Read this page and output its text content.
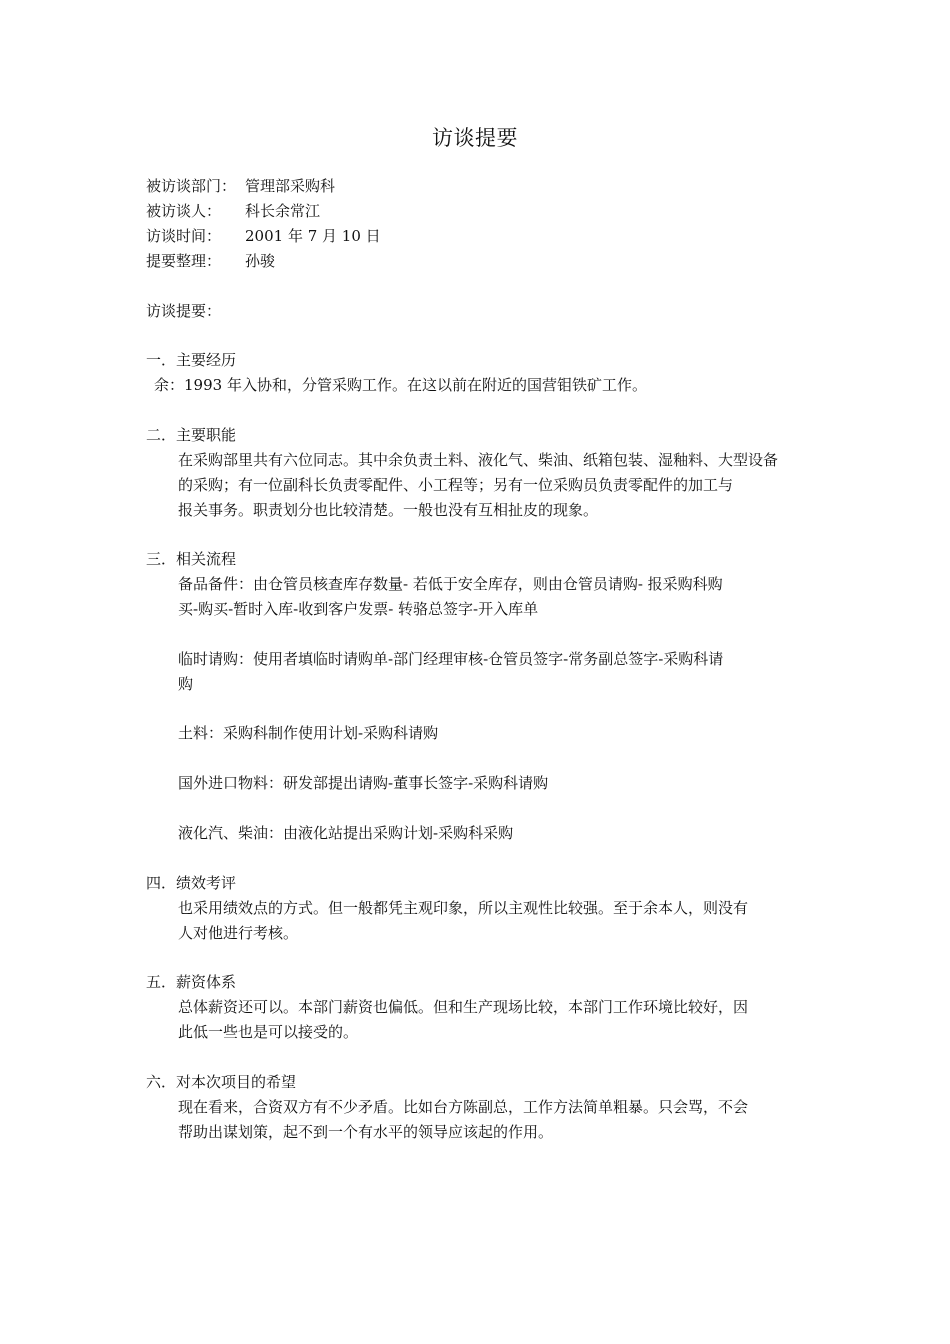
访谈提要
被访谈部门： 管理部采购科
被访谈人： 科长余常江
访谈时间： 2001 年 7 月 10 日
提要整理： 孙骏
访谈提要：
一．主要经历
余：1993 年入协和，分管采购工作。在这以前在附近的国营钼铁矿工作。
二．主要职能
在采购部里共有六位同志。其中余负责土料、液化气、柴油、纸箱包装、湿釉料、大型设备
的采购；有一位副科长负责零配件、小工程等；另有一位采购员负责零配件的加工与
报关事务。职责划分也比较清楚。一般也没有互相扯皮的现象。
三．相关流程
备品备件：由仓管员核查库存数量- 若低于安全库存，则由仓管员请购- 报采购科购
买-购买-暂时入库-收到客户发票- 转骆总签字-开入库单
临时请购：使用者填临时请购单-部门经理审核-仓管员签字-常务副总签字-采购科请
购
土料：采购科制作使用计划-采购科请购
国外进口物料：研发部提出请购-董事长签字-采购科请购
液化汽、柴油：由液化站提出采购计划-采购科采购
四．绩效考评
也采用绩效点的方式。但一般都凭主观印象，所以主观性比较强。至于余本人，则没有
人对他进行考核。
五．薪资体系
总体薪资还可以。本部门薪资也偏低。但和生产现场比较，本部门工作环境比较好，因
此低一些也是可以接受的。
六．对本次项目的希望
现在看来，合资双方有不少矛盾。比如台方陈副总，工作方法简单粗暴。只会骂，不会
帮助出谋划策，起不到一个有水平的领导应该起的作用。
